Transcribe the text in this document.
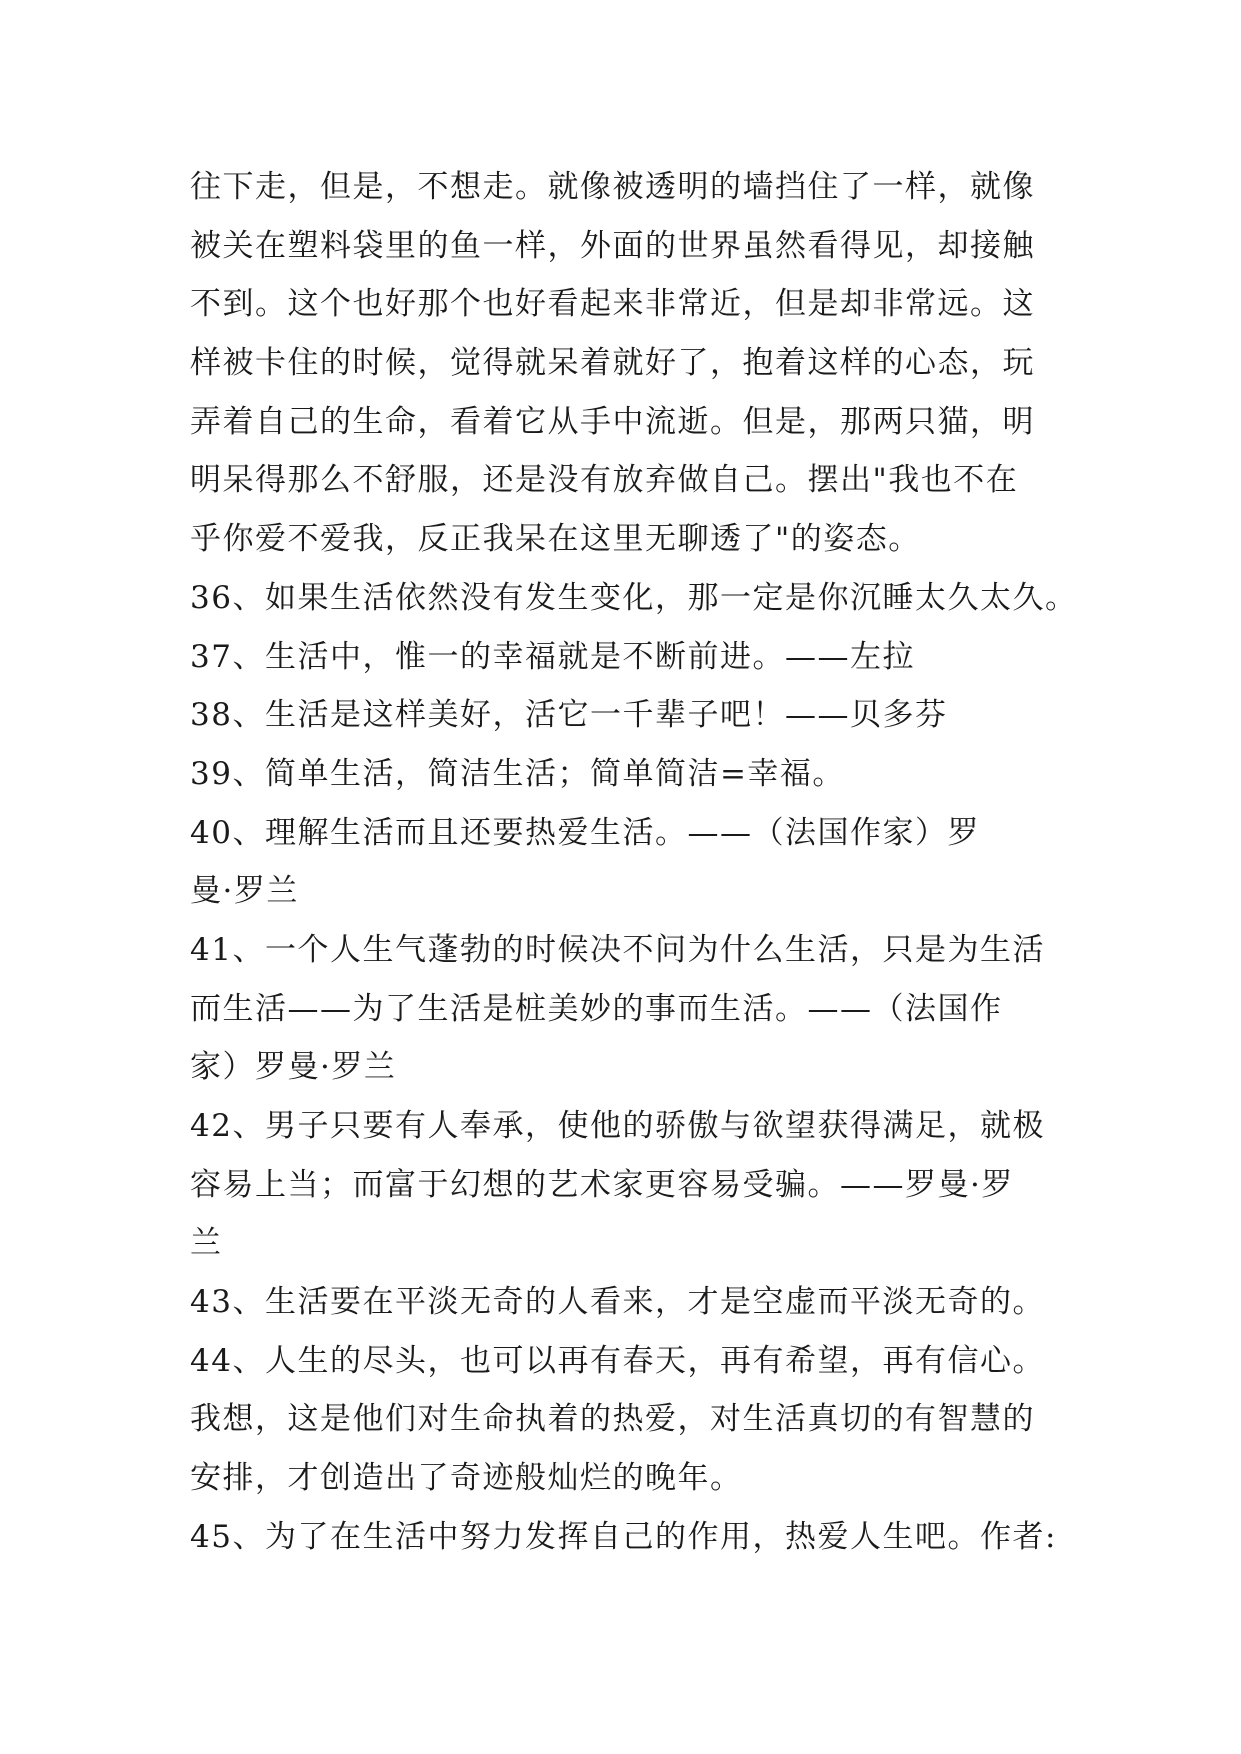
往下走，但是，不想走。就像被透明的墙挡住了一样，就像
被关在塑料袋里的鱼一样，外面的世界虽然看得见，却接触
不到。这个也好那个也好看起来非常近，但是却非常远。这
样被卡住的时候，觉得就呆着就好了，抱着这样的心态，玩
弄着自己的生命，看着它从手中流逝。但是，那两只猫，明
明呆得那么不舒服，还是没有放弃做自己。摆出"我也不在
乎你爱不爱我，反正我呆在这里无聊透了"的姿态。
36、如果生活依然没有发生变化，那一定是你沉睡太久太久。
37、生活中，惟一的幸福就是不断前进。——左拉
38、生活是这样美好，活它一千辈子吧！——贝多芬
39、简单生活，简洁生活；简单简洁=幸福。
40、理解生活而且还要热爱生活。——（法国作家）罗
曼·罗兰
41、一个人生气蓬勃的时候决不问为什么生活，只是为生活
而生活——为了生活是桩美妙的事而生活。——（法国作
家）罗曼·罗兰
42、男子只要有人奉承，使他的骄傲与欲望获得满足，就极
容易上当；而富于幻想的艺术家更容易受骗。——罗曼·罗
兰
43、生活要在平淡无奇的人看来，才是空虚而平淡无奇的。
44、人生的尽头，也可以再有春天，再有希望，再有信心。
我想，这是他们对生命执着的热爱，对生活真切的有智慧的
安排，才创造出了奇迹般灿烂的晚年。
45、为了在生活中努力发挥自己的作用，热爱人生吧。作者:
